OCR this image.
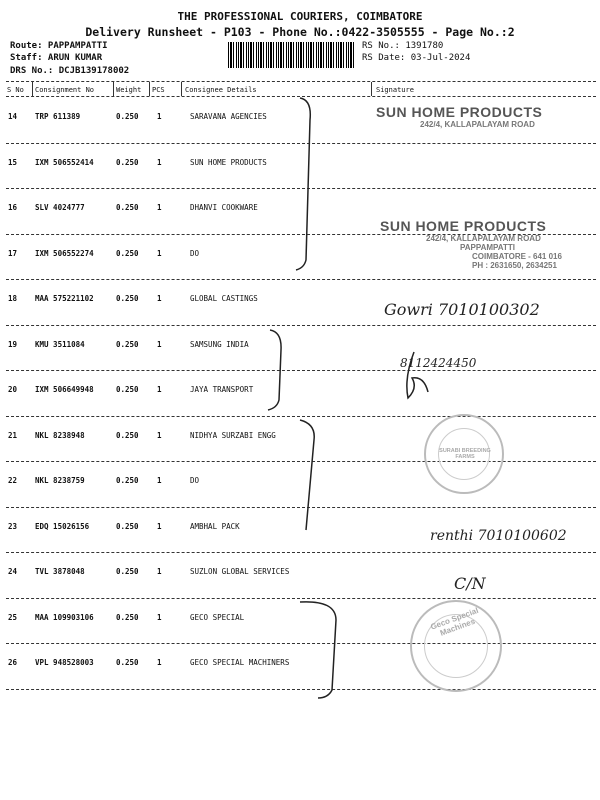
THE PROFESSIONAL COURIERS, COIMBATORE
Delivery Runsheet - P103 - Phone No.:0422-3505555 - Page No.:2
Route: PAPPAMPATTI
Staff: ARUN KUMAR
DRS No.: DCJB139178002
RS No.: 1391780
RS Date: 03-Jul-2024
S No Consignment No	Weight PCS	Consignee Details	Signature
14 TRP 611389	0.250 1	SARAVANA AGENCIES
15 IXM 506552414	0.250 1	SUN HOME PRODUCTS
16 SLV 4024777	0.250 1	DHANVI COOKWARE
17 IXM 506552274	0.250 1	DO
18 MAA 575221102	0.250 1	GLOBAL CASTINGS
19 KMU 3511084	0.250 1	SAMSUNG INDIA
20 IXM 506649948	0.250 1	JAYA TRANSPORT
21 NKL 8238948	0.250 1	NIDHYA SURZABI ENGG
22 NKL 8238759	0.250 1	DO
23 EDQ 15026156	0.250 1	AMBHAL PACK
24 TVL 3878048	0.250 1	SUZLON GLOBAL SERVICES
25 MAA 109903106	0.250 1	GECO SPECIAL
26 VPL 948528003	0.250 1	GECO SPECIAL MACHINERS
SUN HOME PRODUCTS
242/4, KALLAPALAYAM ROAD
SUN HOME PRODUCTS
242/4, KALLAPALAYAM ROAD
PAPPAMPATTI
COIMBATORE - 641 016
PH : 2631650, 2634251
SURABI BREEDING FARMS
Geco Special Machines
Gowri 7010100302
8112424450
renthi 7010100602
C/N
